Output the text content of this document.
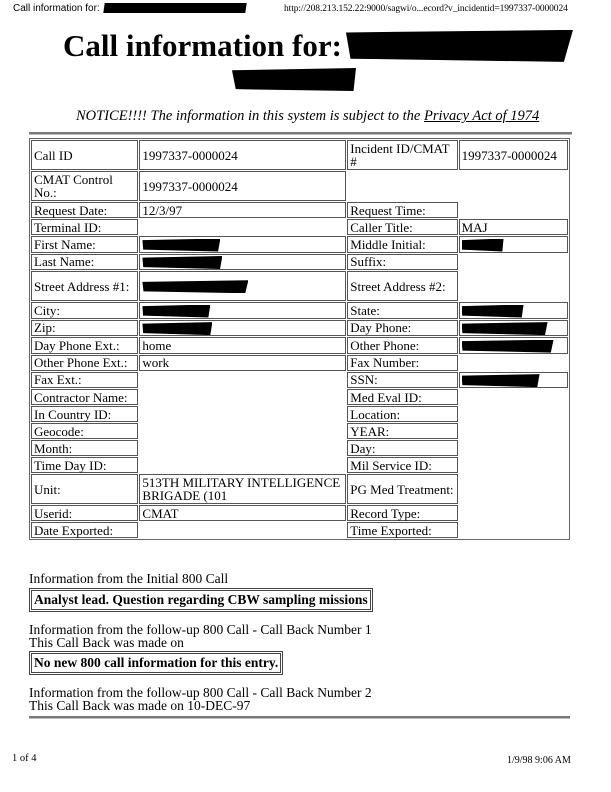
Call information for:	http://208.213.152.22:9000/sagwi/o...ecord?v_incidentid=1997337-0000024
Call information for:
NOTICE!!!! The information in this system is subject to the Privacy Act of 1974
Call ID	1997337-0000024	Incident ID/CMAT #	1997337-0000024
CMAT Control No.:	1997337-0000024		
Request Date:	12/3/97	Request Time:	
Terminal ID:		Caller Title:	MAJ
First Name:		Middle Initial:	
Last Name:		Suffix:	
Street Address #1:		Street Address #2:	
City:		State:	
Zip:		Day Phone:	
Day Phone Ext.:	home	Other Phone:	
Other Phone Ext.:	work	Fax Number:	
Fax Ext.:		SSN:	
Contractor Name:		Med Eval ID:	
In Country ID:		Location:	
Geocode:		YEAR:	
Month:		Day:	
Time Day ID:		Mil Service ID:	
Unit:	513TH MILITARY INTELLIGENCE BRIGADE (101	PG Med Treatment:	
Userid:	CMAT	Record Type:	
Date Exported:		Time Exported:	
Information from the Initial 800 Call
Analyst lead. Question regarding CBW sampling missions
Information from the follow-up 800 Call - Call Back Number 1
This Call Back was made on
No new 800 call information for this entry.
Information from the follow-up 800 Call - Call Back Number 2
This Call Back was made on 10-DEC-97
1 of 4	1/9/98 9:06 AM
